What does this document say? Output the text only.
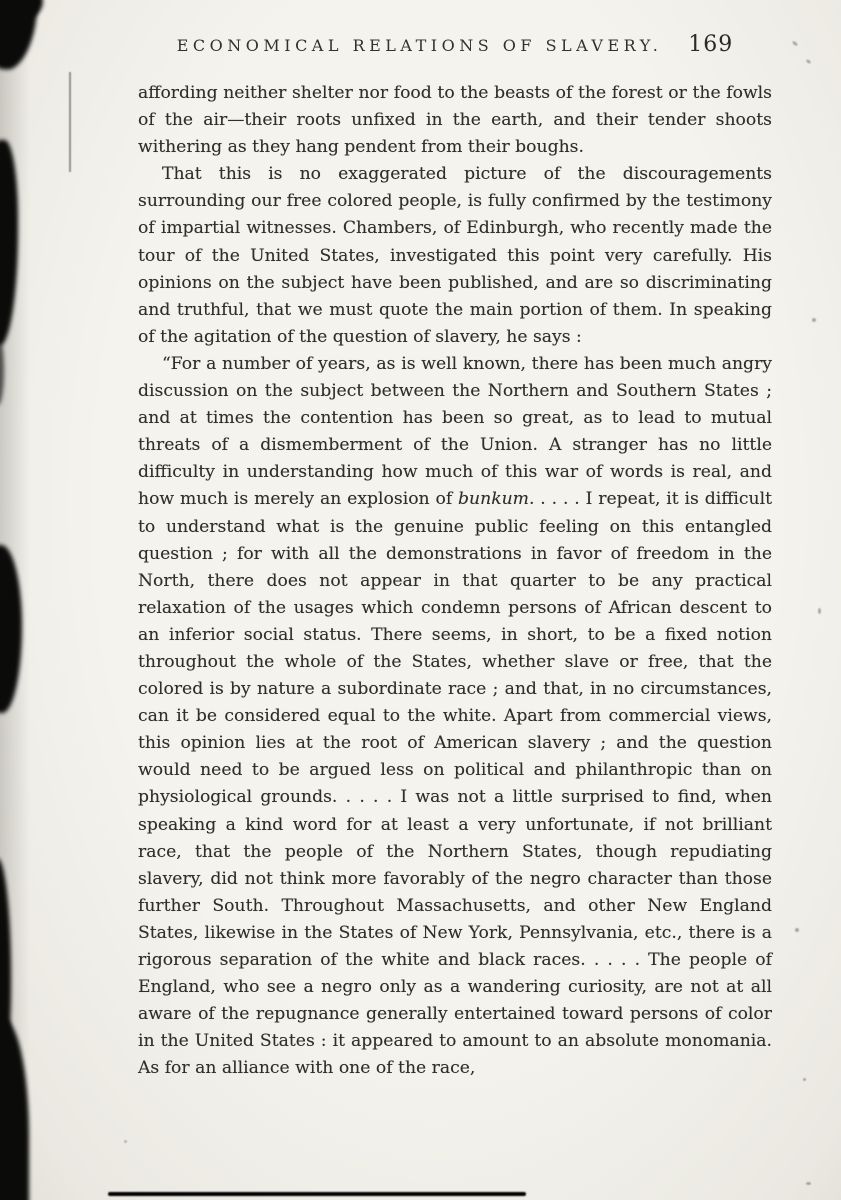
ECONOMICAL RELATIONS OF SLAVERY. 169

affording neither shelter nor food to the beasts of the forest or the fowls of the air—their roots unfixed in the earth, and their tender shoots withering as they hang pendent from their boughs.

That this is no exaggerated picture of the discouragements surrounding our free colored people, is fully confirmed by the testimony of impartial witnesses. Chambers, of Edinburgh, who recently made the tour of the United States, investigated this point very carefully. His opinions on the subject have been published, and are so discriminating and truthful, that we must quote the main portion of them. In speaking of the agitation of the question of slavery, he says :

“For a number of years, as is well known, there has been much angry discussion on the subject between the Northern and Southern States ; and at times the contention has been so great, as to lead to mutual threats of a dismemberment of the Union. A stranger has no little difficulty in understanding how much of this war of words is real, and how much is merely an explosion of bunkum. . . . . I repeat, it is difficult to understand what is the genuine public feeling on this entangled question ; for with all the demonstrations in favor of freedom in the North, there does not appear in that quarter to be any practical relaxation of the usages which condemn persons of African descent to an inferior social status. There seems, in short, to be a fixed notion throughout the whole of the States, whether slave or free, that the colored is by nature a subordinate race ; and that, in no circumstances, can it be considered equal to the white. Apart from commercial views, this opinion lies at the root of American slavery ; and the question would need to be argued less on political and philanthropic than on physiological grounds. . . . . I was not a little surprised to find, when speaking a kind word for at least a very unfortunate, if not brilliant race, that the people of the Northern States, though repudiating slavery, did not think more favorably of the negro character than those further South. Throughout Massachusetts, and other New England States, likewise in the States of New York, Pennsylvania, etc., there is a rigorous separation of the white and black races. . . . . The people of England, who see a negro only as a wandering curiosity, are not at all aware of the repugnance generally entertained toward persons of color in the United States : it appeared to amount to an absolute monomania. As for an alliance with one of the race,
